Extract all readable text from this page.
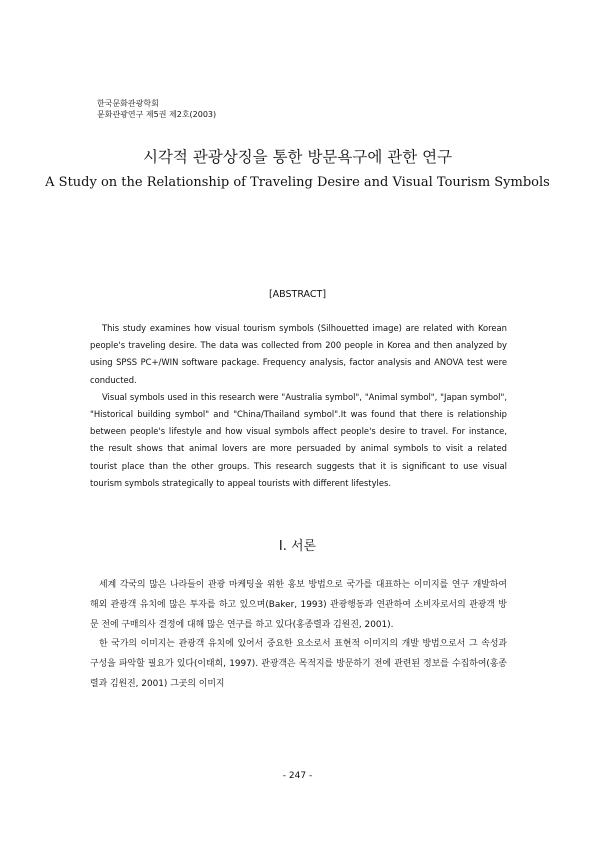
한국문화관광학회
문화관광연구 제5권 제2호(2003)
시각적 관광상징을 통한 방문욕구에 관한 연구
A Study on the Relationship of Traveling Desire and Visual Tourism Symbols
[ABSTRACT]

This study examines how visual tourism symbols (Silhouetted image) are related with Korean people's traveling desire. The data was collected from 200 people in Korea and then analyzed by using SPSS PC+/WIN software package. Frequency analysis, factor analysis and ANOVA test were conducted.

Visual symbols used in this research were "Australia symbol", "Animal symbol", "Japan symbol", "Historical building symbol" and "China/Thailand symbol".It was found that there is relationship between people's lifestyle and how visual symbols affect people's desire to travel. For instance, the result shows that animal lovers are more persuaded by animal symbols to visit a related tourist place than the other groups. This research suggests that it is significant to use visual tourism symbols strategically to appeal tourists with different lifestyles.

I. 서론

세계 각국의 많은 나라들이 관광 마케팅을 위한 홍보 방법으로 국가를 대표하는 이미지를 연구 개발하여 해외 관광객 유치에 많은 투자를 하고 있으며(Baker, 1993) 관광행동과 연관하여 소비자로서의 관광객 방문 전에 구매의사 결정에 대해 많은 연구를 하고 있다(홍종렬과 김원진, 2001).

한 국가의 이미지는 관광객 유치에 있어서 중요한 요소로서 표현적 이미지의 개발 방법으로서 그 속성과 구성을 파악할 필요가 있다(이태희, 1997). 관광객은 목적지를 방문하기 전에 관련된 정보를 수집하여(홍종렬과 김원진, 2001) 그곳의 이미지

- 247 -
